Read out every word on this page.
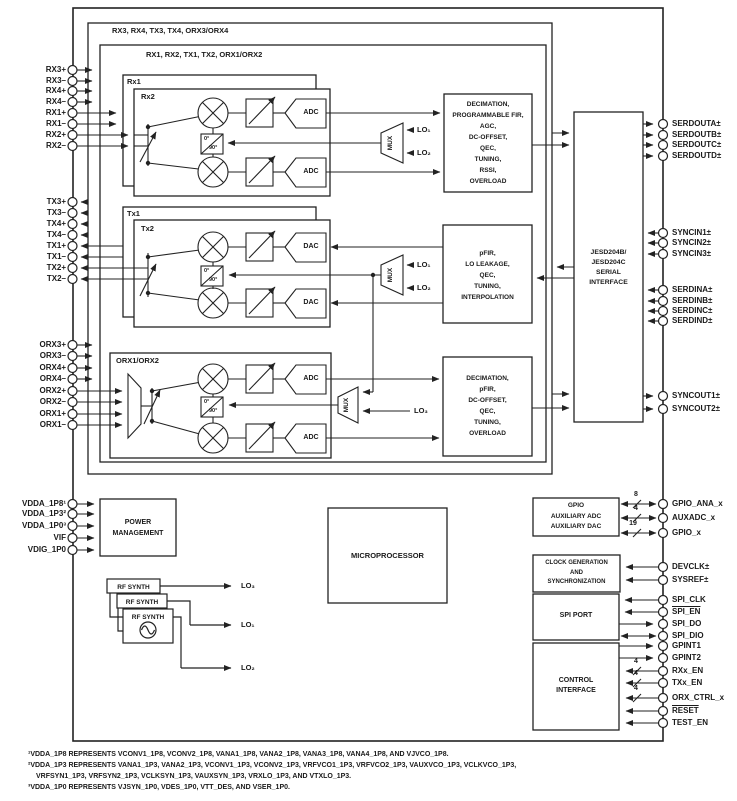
RX3, RX4, TX3, TX4, ORX3/ORX4
RX1, RX2, TX1, TX2, ORX1/ORX2
Rx1
Rx2
Tx1
Tx2
ORX1/ORX2
ADC
ADC
DAC
DAC
ADC
ADC
0°
90°
0°
90°
0°
90°
MUX
MUX
MUX
LO₁
LO₂
LO₁
LO₂
LO₃
LO₃
LO₁
LO₂
DECIMATION,
PROGRAMMABLE FIR,
AGC,
DC-OFFSET,
QEC,
TUNING,
RSSI,
OVERLOAD
pFIR,
LO LEAKAGE,
QEC,
TUNING,
INTERPOLATION
DECIMATION,
pFIR,
DC-OFFSET,
QEC,
TUNING,
OVERLOAD
JESD204B/
JESD204C
SERIAL
INTERFACE
POWER
MANAGEMENT
MICROPROCESSOR
RF SYNTH
RF SYNTH
RF SYNTH
GPIO
AUXILIARY ADC
AUXILIARY DAC
CLOCK GENERATION
AND
SYNCHRONIZATION
SPI PORT
CONTROL
INTERFACE
8
4
19
4
4
4
RX3+
RX3–
RX4+
RX4–
RX1+
RX1–
RX2+
RX2–
TX3+
TX3–
TX4+
TX4–
TX1+
TX1–
TX2+
TX2–
ORX3+
ORX3–
ORX4+
ORX4–
ORX2+
ORX2–
ORX1+
ORX1–
VDDA_1P8¹
VDDA_1P3²
VDDA_1P0³
VIF
VDIG_1P0
SERDOUTA±
SERDOUTB±
SERDOUTC±
SERDOUTD±
SYNCIN1±
SYNCIN2±
SYNCIN3±
SERDINA±
SERDINB±
SERDINC±
SERDIND±
SYNCOUT1±
SYNCOUT2±
GPIO_ANA_x
AUXADC_x
GPIO_x
DEVCLK±
SYSREF±
SPI_CLK
SPI_EN
SPI_DO
SPI_DIO
GPINT1
GPINT2
RXx_EN
TXx_EN
ORX_CTRL_x
RESET
TEST_EN
¹VDDA_1P8 REPRESENTS VCONV1_1P8, VCONV2_1P8, VANA1_1P8, VANA2_1P8, VANA3_1P8, VANA4_1P8, AND VJVCO_1P8.
²VDDA_1P3 REPRESENTS VANA1_1P3, VANA2_1P3, VCONV1_1P3, VCONV2_1P3, VRFVCO1_1P3, VRFVCO2_1P3, VAUXVCO_1P3, VCLKVCO_1P3,
VRFSYN1_1P3, VRFSYN2_1P3, VCLKSYN_1P3, VAUXSYN_1P3, VRXLO_1P3, AND VTXLO_1P3.
³VDDA_1P0 REPRESENTS VJSYN_1P0, VDES_1P0, VTT_DES, AND VSER_1P0.
